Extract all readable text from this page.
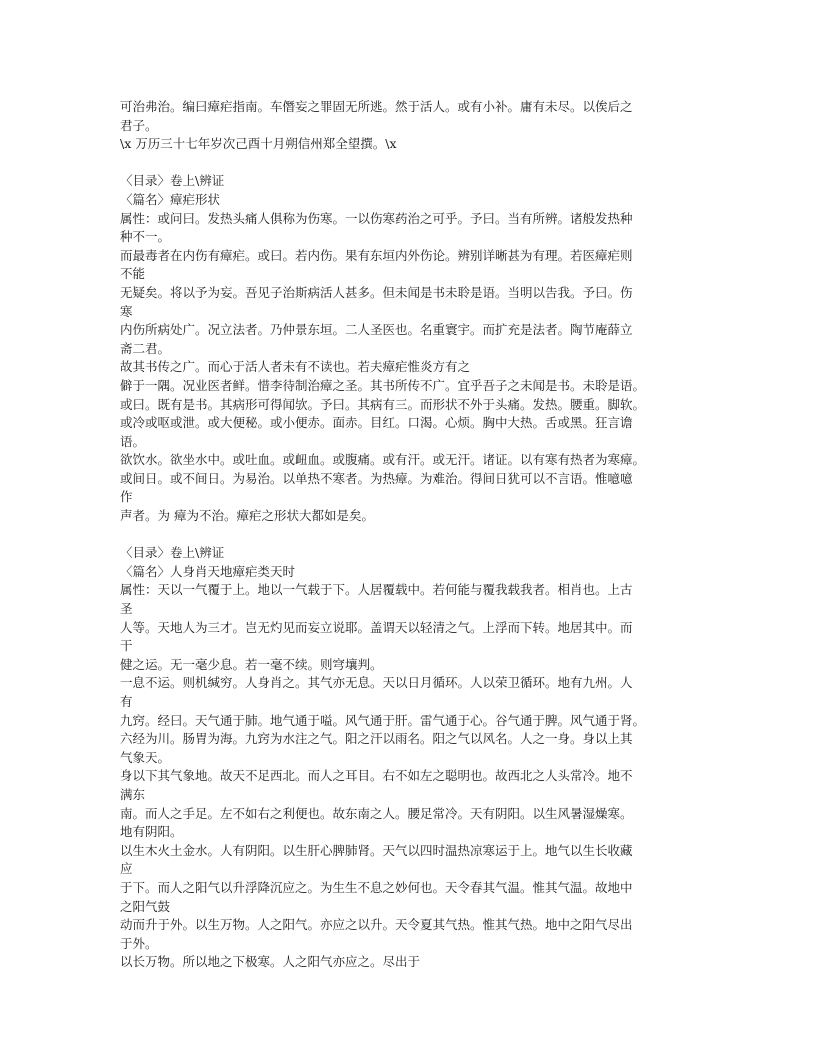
可治弗治。编曰瘴疟指南。车僭妄之罪固无所逃。然于活人。或有小补。庸有未尽。以俟后之
君子。
\x 万历三十七年岁次己酉十月朔信州郑全望撰。\x
〈目录〉卷上\辨证
〈篇名〉瘴疟形状
属性：或问曰。发热头痛人俱称为伤寒。一以伤寒药治之可乎。予曰。当有所辨。诸般发热种
种不一。
而最毒者在内伤有瘴疟。或曰。若内伤。果有东垣内外伤论。辨别详晰甚为有理。若医瘴疟则
不能
无疑矣。将以予为妄。吾见子治斯病活人甚多。但未闻是书未聆是语。当明以告我。予曰。伤
寒
内伤所病处广。况立法者。乃仲景东垣。二人圣医也。名重寰宇。而扩充是法者。陶节庵薛立
斋二君。
故其书传之广。而心于活人者未有不读也。若夫瘴疟惟炎方有之
僻于一隅。况业医者鲜。惜李待制治瘴之圣。其书所传不广。宜乎吾子之未闻是书。未聆是语。
或曰。既有是书。其病形可得闻欤。予曰。其病有三。而形状不外于头痛。发热。腰重。脚软。
或冷或呕或泄。或大便秘。或小便赤。面赤。目红。口渴。心烦。胸中大热。舌或黑。狂言谵
语。
欲饮水。欲坐水中。或吐血。或衄血。或腹痛。或有汗。或无汗。诸证。以有寒有热者为寒瘴。
或间日。或不间日。为易治。以单热不寒者。为热瘴。为难治。得间日犹可以不言语。惟噫噫
作
声者。为 瘴为不治。瘴疟之形状大都如是矣。
〈目录〉卷上\辨证
〈篇名〉人身肖天地瘴疟类天时
属性：天以一气覆于上。地以一气载于下。人居覆载中。若何能与覆我载我者。相肖也。上古
圣
人等。天地人为三才。岂无灼见而妄立说耶。盖谓天以轻清之气。上浮而下转。地居其中。而
干
健之运。无一毫少息。若一毫不续。则穹壤判。
一息不运。则机缄穷。人身肖之。其气亦无息。天以日月循环。人以荣卫循环。地有九州。人
有
九窍。经曰。天气通于肺。地气通于嗌。风气通于肝。雷气通于心。谷气通于脾。风气通于肾。
六经为川。肠胃为海。九窍为水注之气。阳之汗以雨名。阳之气以风名。人之一身。身以上其
气象天。
身以下其气象地。故天不足西北。而人之耳目。右不如左之聪明也。故西北之人头常冷。地不
满东
南。而人之手足。左不如右之利便也。故东南之人。腰足常冷。天有阴阳。以生风暑湿燥寒。
地有阴阳。
以生木火土金水。人有阴阳。以生肝心脾肺肾。天气以四时温热凉寒运于上。地气以生长收藏
应
于下。而人之阳气以升浮降沉应之。为生生不息之妙何也。天令春其气温。惟其气温。故地中
之阳气鼓
动而升于外。以生万物。人之阳气。亦应之以升。天令夏其气热。惟其气热。地中之阳气尽出
于外。
以长万物。所以地之下极寒。人之阳气亦应之。尽出于
